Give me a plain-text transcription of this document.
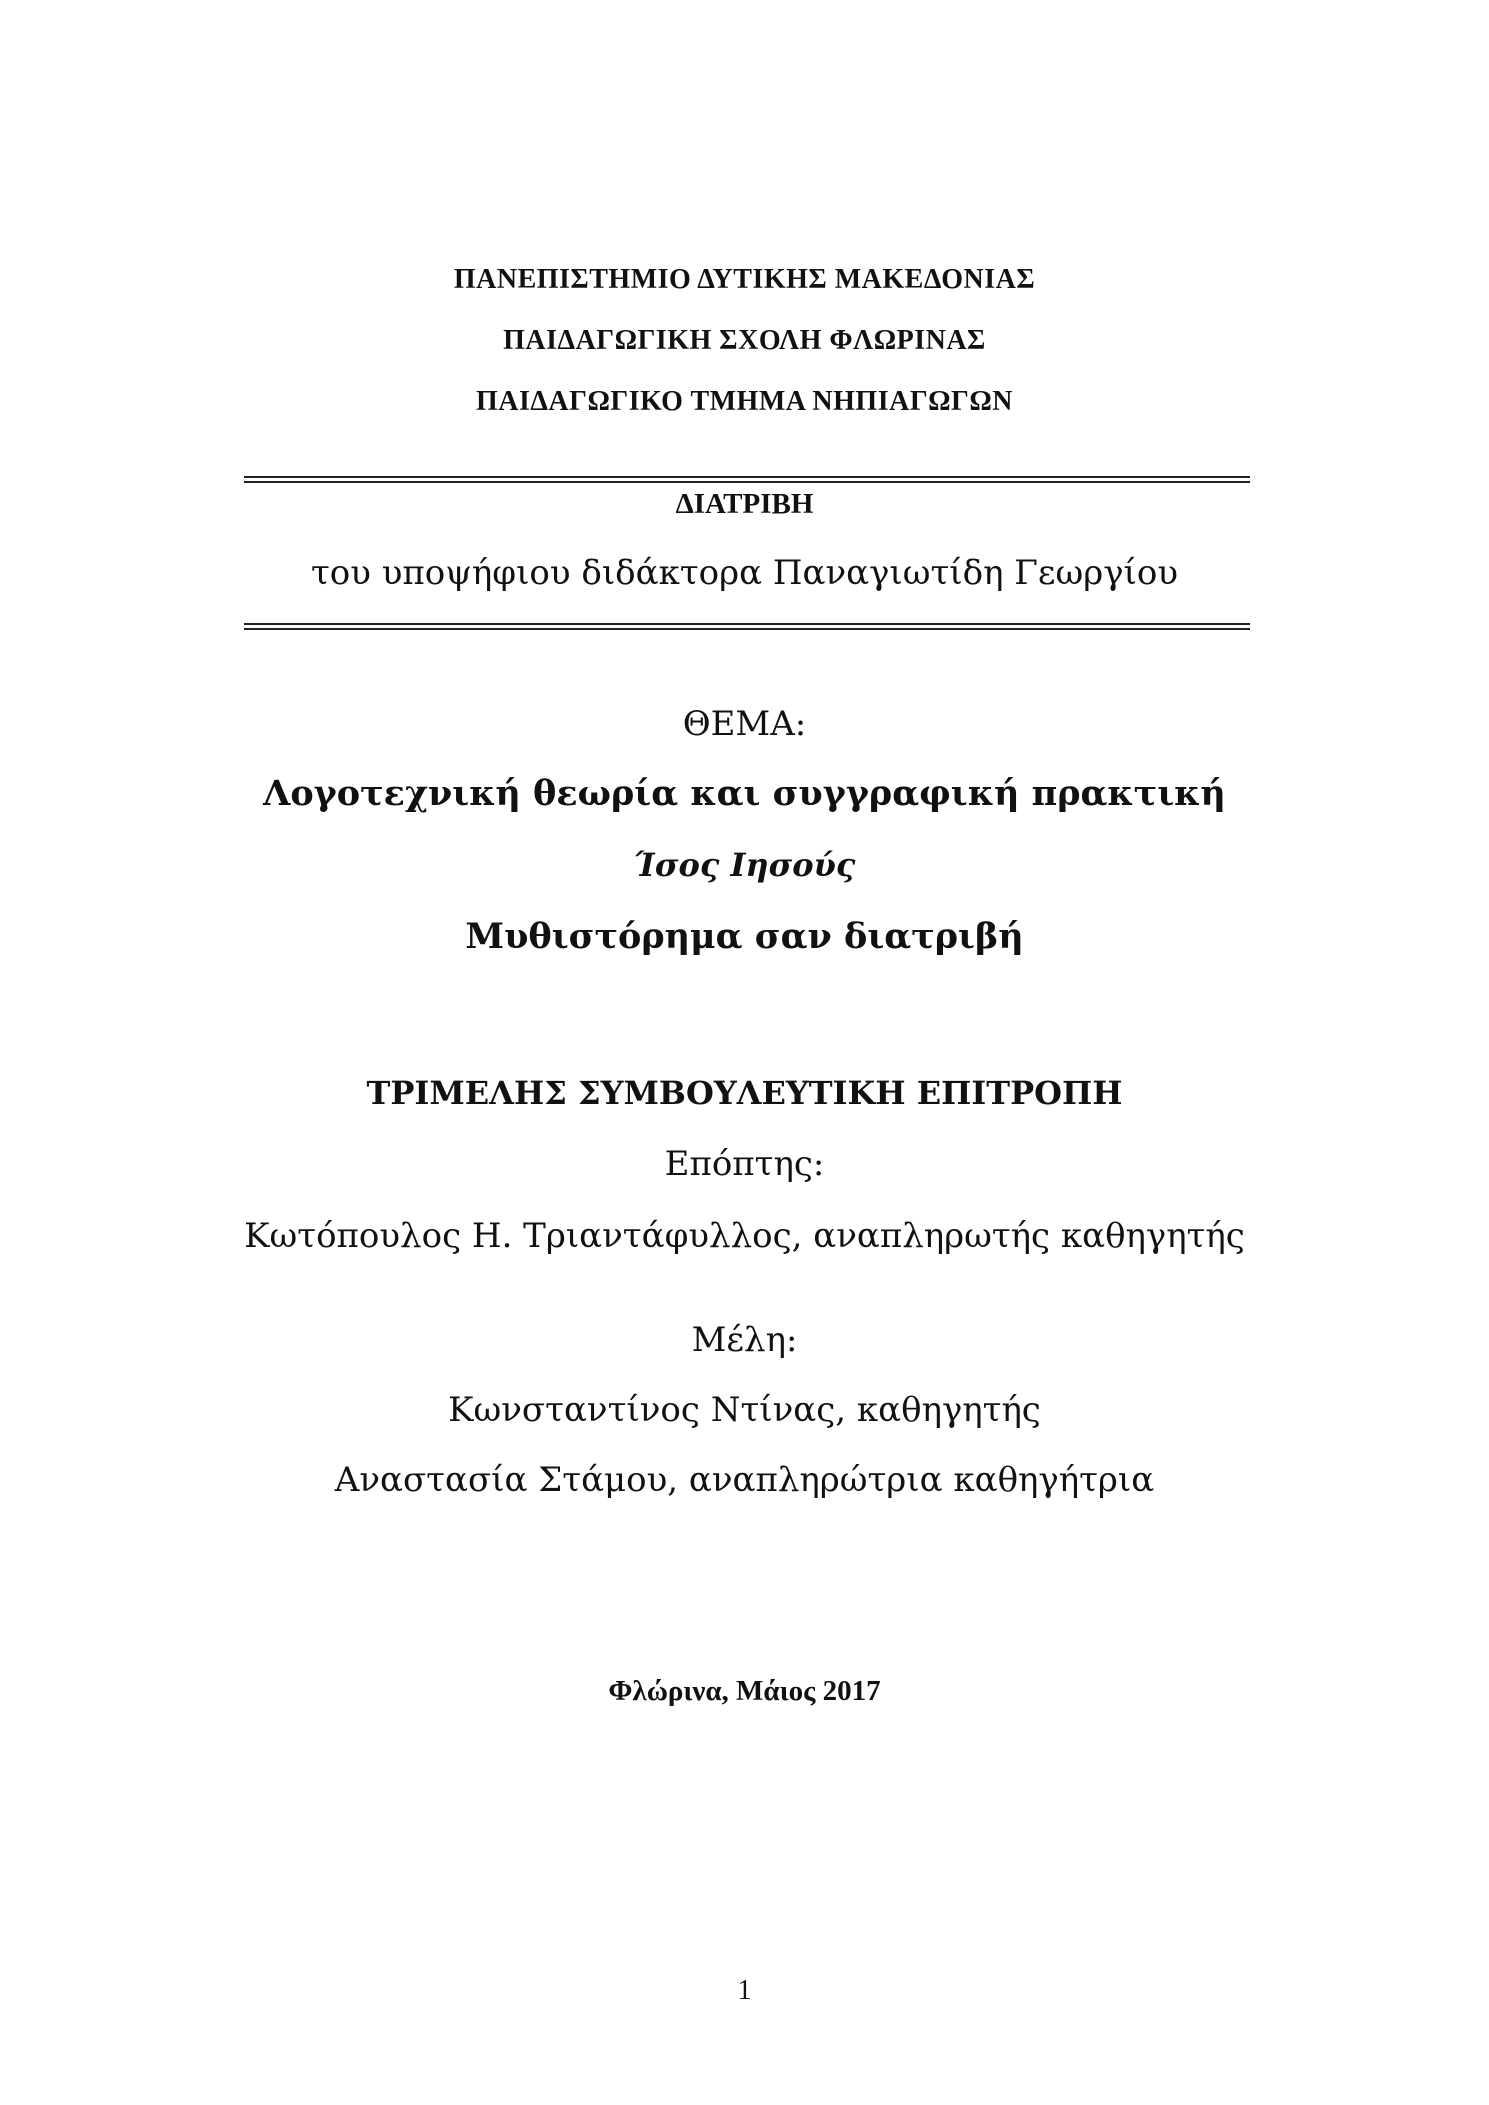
ΠΑΝΕΠΙΣΤΗΜΙΟ ΔΥΤΙΚΗΣ ΜΑΚΕΔΟΝΙΑΣ
ΠΑΙΔΑΓΩΓΙΚΗ ΣΧΟΛΗ ΦΛΩΡΙΝΑΣ
ΠΑΙΔΑΓΩΓΙΚΟ ΤΜΗΜΑ ΝΗΠΙΑΓΩΓΩΝ
ΔΙΑΤΡΙΒΗ
του υποψήφιου διδάκτορα Παναγιωτίδη Γεωργίου
ΘΕΜΑ:
Λογοτεχνική θεωρία και συγγραφική πρακτική
Ίσος Ιησούς
Μυθιστόρημα σαν διατριβή
ΤΡΙΜΕΛΗΣ ΣΥΜΒΟΥΛΕΥΤΙΚΗ ΕΠΙΤΡΟΠΗ
Επόπτης:
Κωτόπουλος Η. Τριαντάφυλλος, αναπληρωτής καθηγητής
Μέλη:
Κωνσταντίνος Ντίνας, καθηγητής
Αναστασία Στάμου, αναπληρώτρια καθηγήτρια
Φλώρινα, Μάιος 2017
1
